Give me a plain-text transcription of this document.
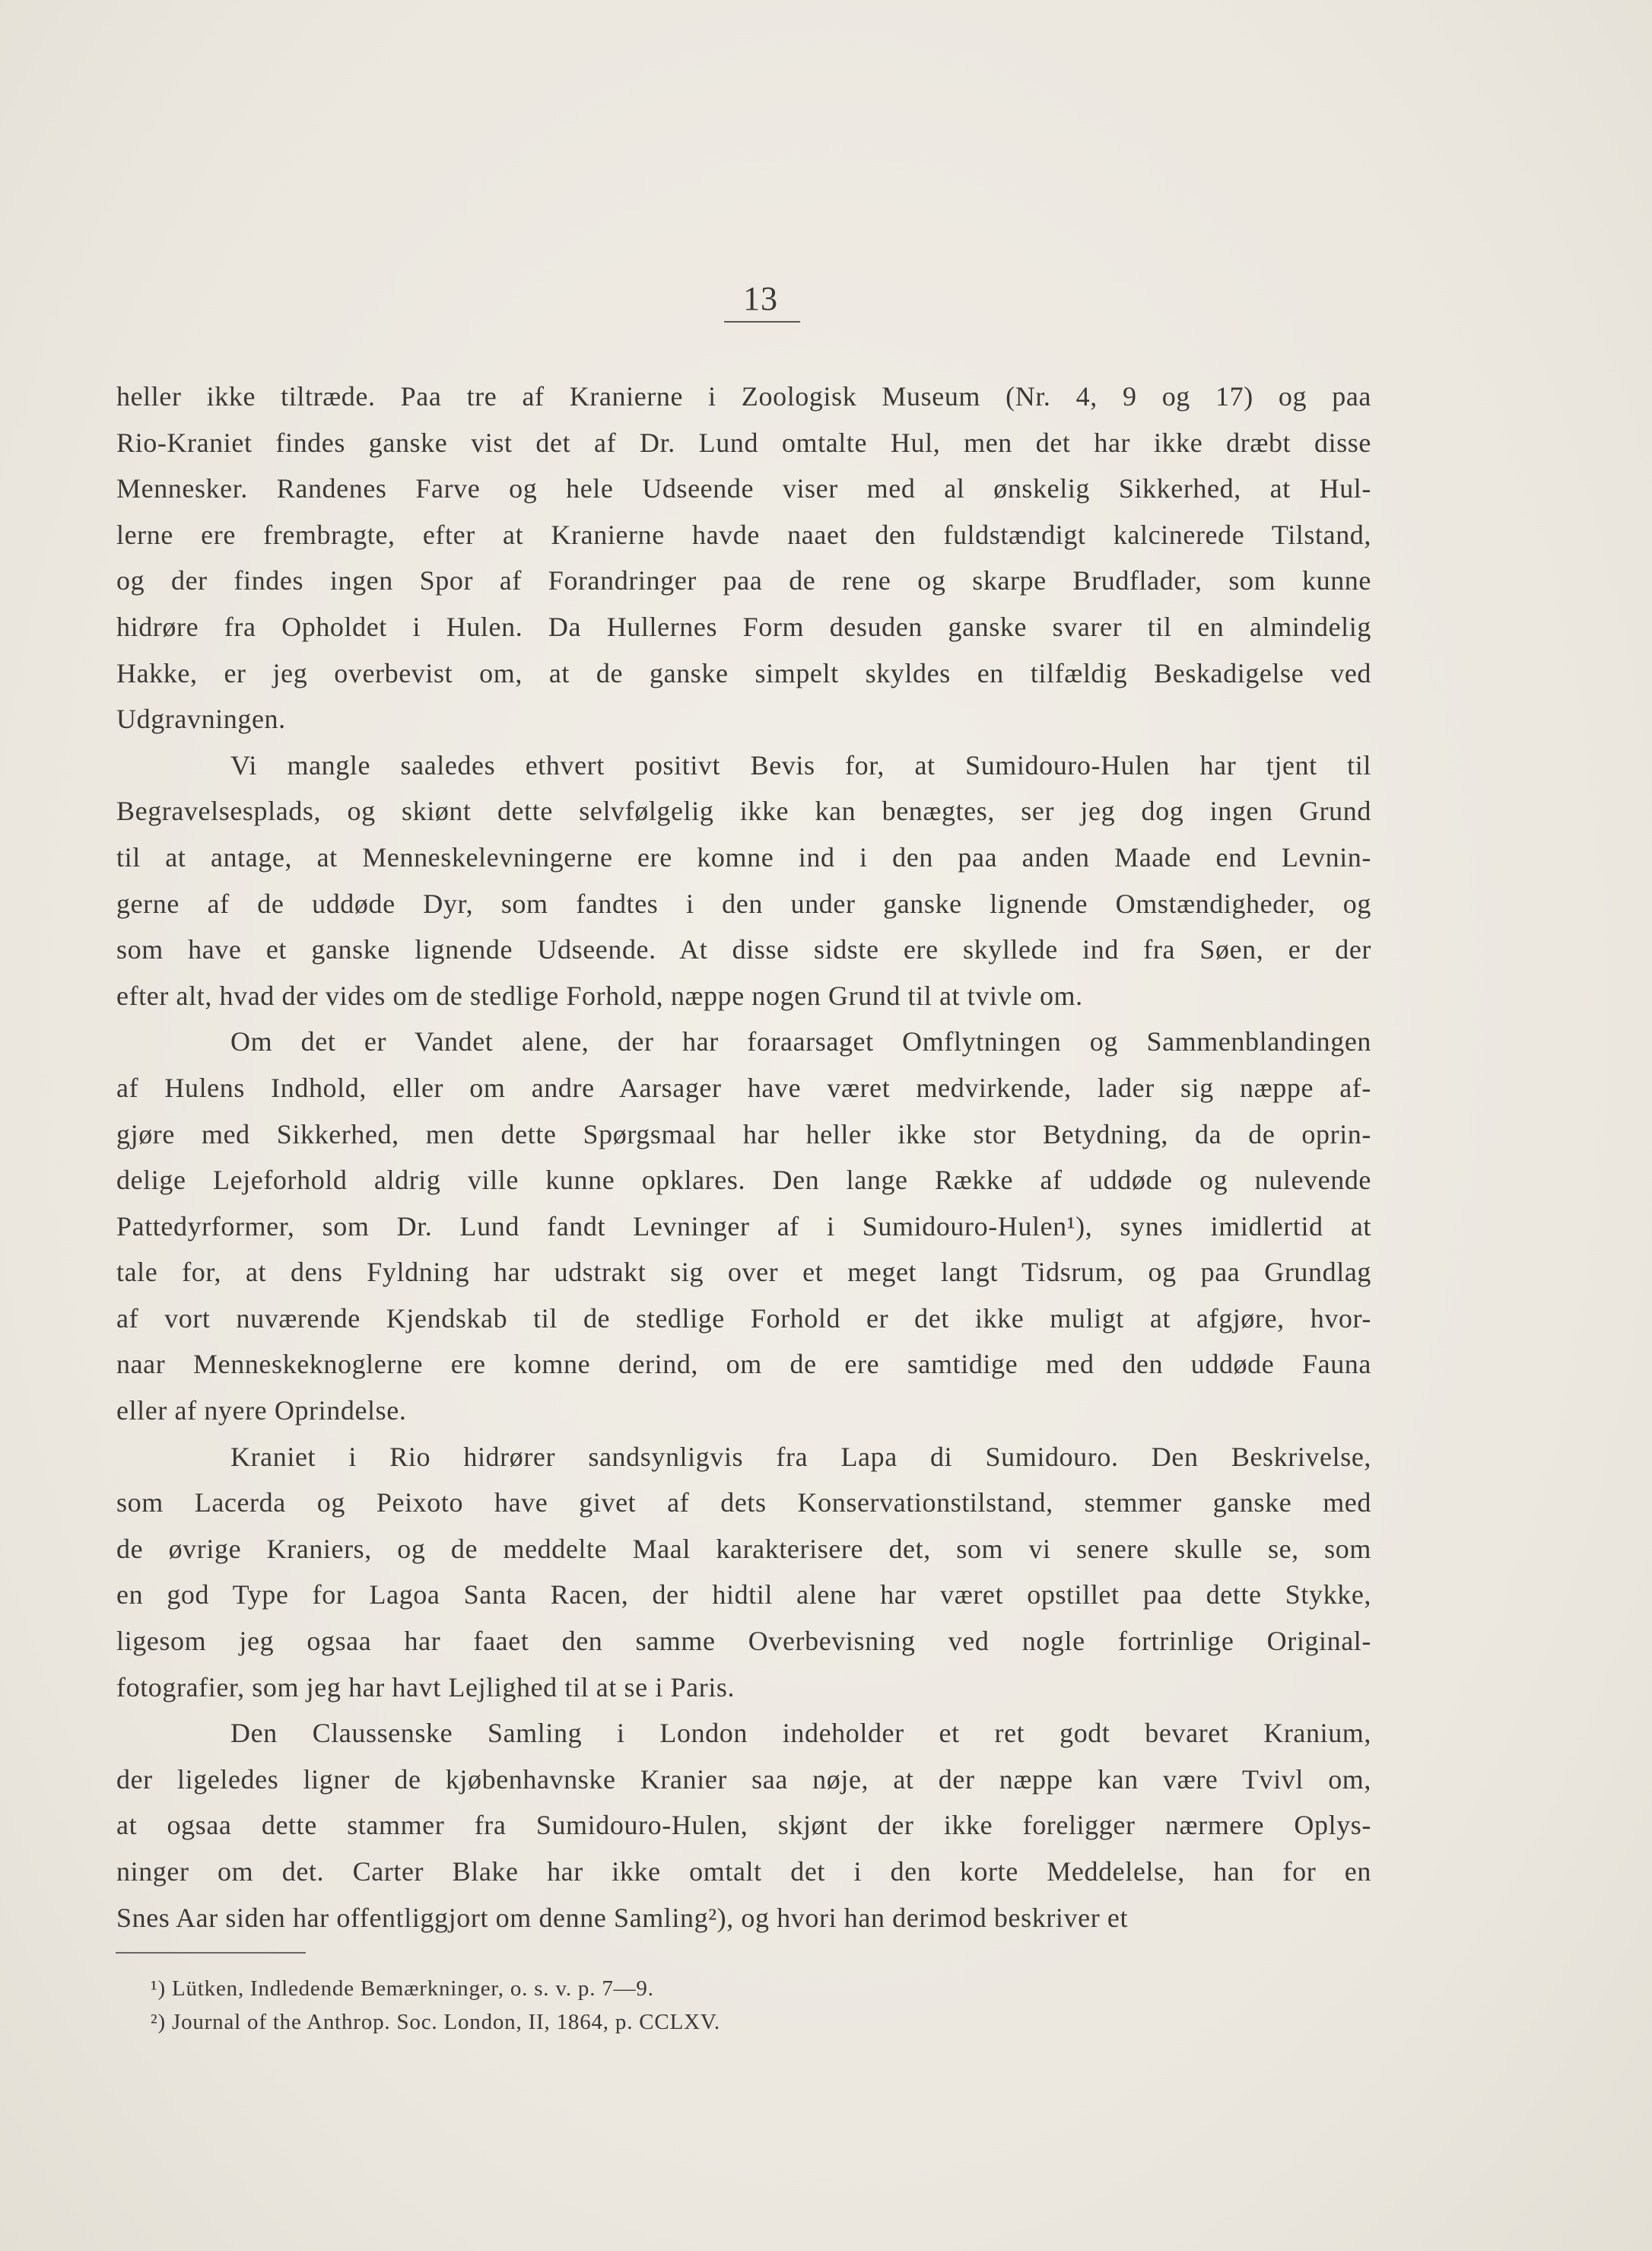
13
heller ikke tiltræde. Paa tre af Kranierne i Zoologisk Museum (Nr. 4, 9 og 17) og paa
Rio-Kraniet findes ganske vist det af Dr. Lund omtalte Hul, men det har ikke dræbt disse
Mennesker. Randenes Farve og hele Udseende viser med al ønskelig Sikkerhed, at Hul-
lerne ere frembragte, efter at Kranierne havde naaet den fuldstændigt kalcinerede Tilstand,
og der findes ingen Spor af Forandringer paa de rene og skarpe Brudflader, som kunne
hidrøre fra Opholdet i Hulen. Da Hullernes Form desuden ganske svarer til en almindelig
Hakke, er jeg overbevist om, at de ganske simpelt skyldes en tilfældig Beskadigelse ved
Udgravningen.
Vi mangle saaledes ethvert positivt Bevis for, at Sumidouro-Hulen har tjent til
Begravelsesplads, og skiønt dette selvfølgelig ikke kan benægtes, ser jeg dog ingen Grund
til at antage, at Menneskelevningerne ere komne ind i den paa anden Maade end Levnin-
gerne af de uddøde Dyr, som fandtes i den under ganske lignende Omstændigheder, og
som have et ganske lignende Udseende. At disse sidste ere skyllede ind fra Søen, er der
efter alt, hvad der vides om de stedlige Forhold, næppe nogen Grund til at tvivle om.
Om det er Vandet alene, der har foraarsaget Omflytningen og Sammenblandingen
af Hulens Indhold, eller om andre Aarsager have været medvirkende, lader sig næppe af-
gjøre med Sikkerhed, men dette Spørgsmaal har heller ikke stor Betydning, da de oprin-
delige Lejeforhold aldrig ville kunne opklares. Den lange Række af uddøde og nulevende
Pattedyrformer, som Dr. Lund fandt Levninger af i Sumidouro-Hulen¹), synes imidlertid at
tale for, at dens Fyldning har udstrakt sig over et meget langt Tidsrum, og paa Grundlag
af vort nuværende Kjendskab til de stedlige Forhold er det ikke muligt at afgjøre, hvor-
naar Menneskeknoglerne ere komne derind, om de ere samtidige med den uddøde Fauna
eller af nyere Oprindelse.
Kraniet i Rio hidrører sandsynligvis fra Lapa di Sumidouro. Den Beskrivelse,
som Lacerda og Peixoto have givet af dets Konservationstilstand, stemmer ganske med
de øvrige Kraniers, og de meddelte Maal karakterisere det, som vi senere skulle se, som
en god Type for Lagoa Santa Racen, der hidtil alene har været opstillet paa dette Stykke,
ligesom jeg ogsaa har faaet den samme Overbevisning ved nogle fortrinlige Original-
fotografier, som jeg har havt Lejlighed til at se i Paris.
Den Claussenske Samling i London indeholder et ret godt bevaret Kranium,
der ligeledes ligner de kjøbenhavnske Kranier saa nøje, at der næppe kan være Tvivl om,
at ogsaa dette stammer fra Sumidouro-Hulen, skjønt der ikke foreligger nærmere Oplys-
ninger om det. Carter Blake har ikke omtalt det i den korte Meddelelse, han for en
Snes Aar siden har offentliggjort om denne Samling²), og hvori han derimod beskriver et
¹) Lütken, Indledende Bemærkninger, o. s. v. p. 7—9.
²) Journal of the Anthrop. Soc. London, II, 1864, p. CCLXV.
